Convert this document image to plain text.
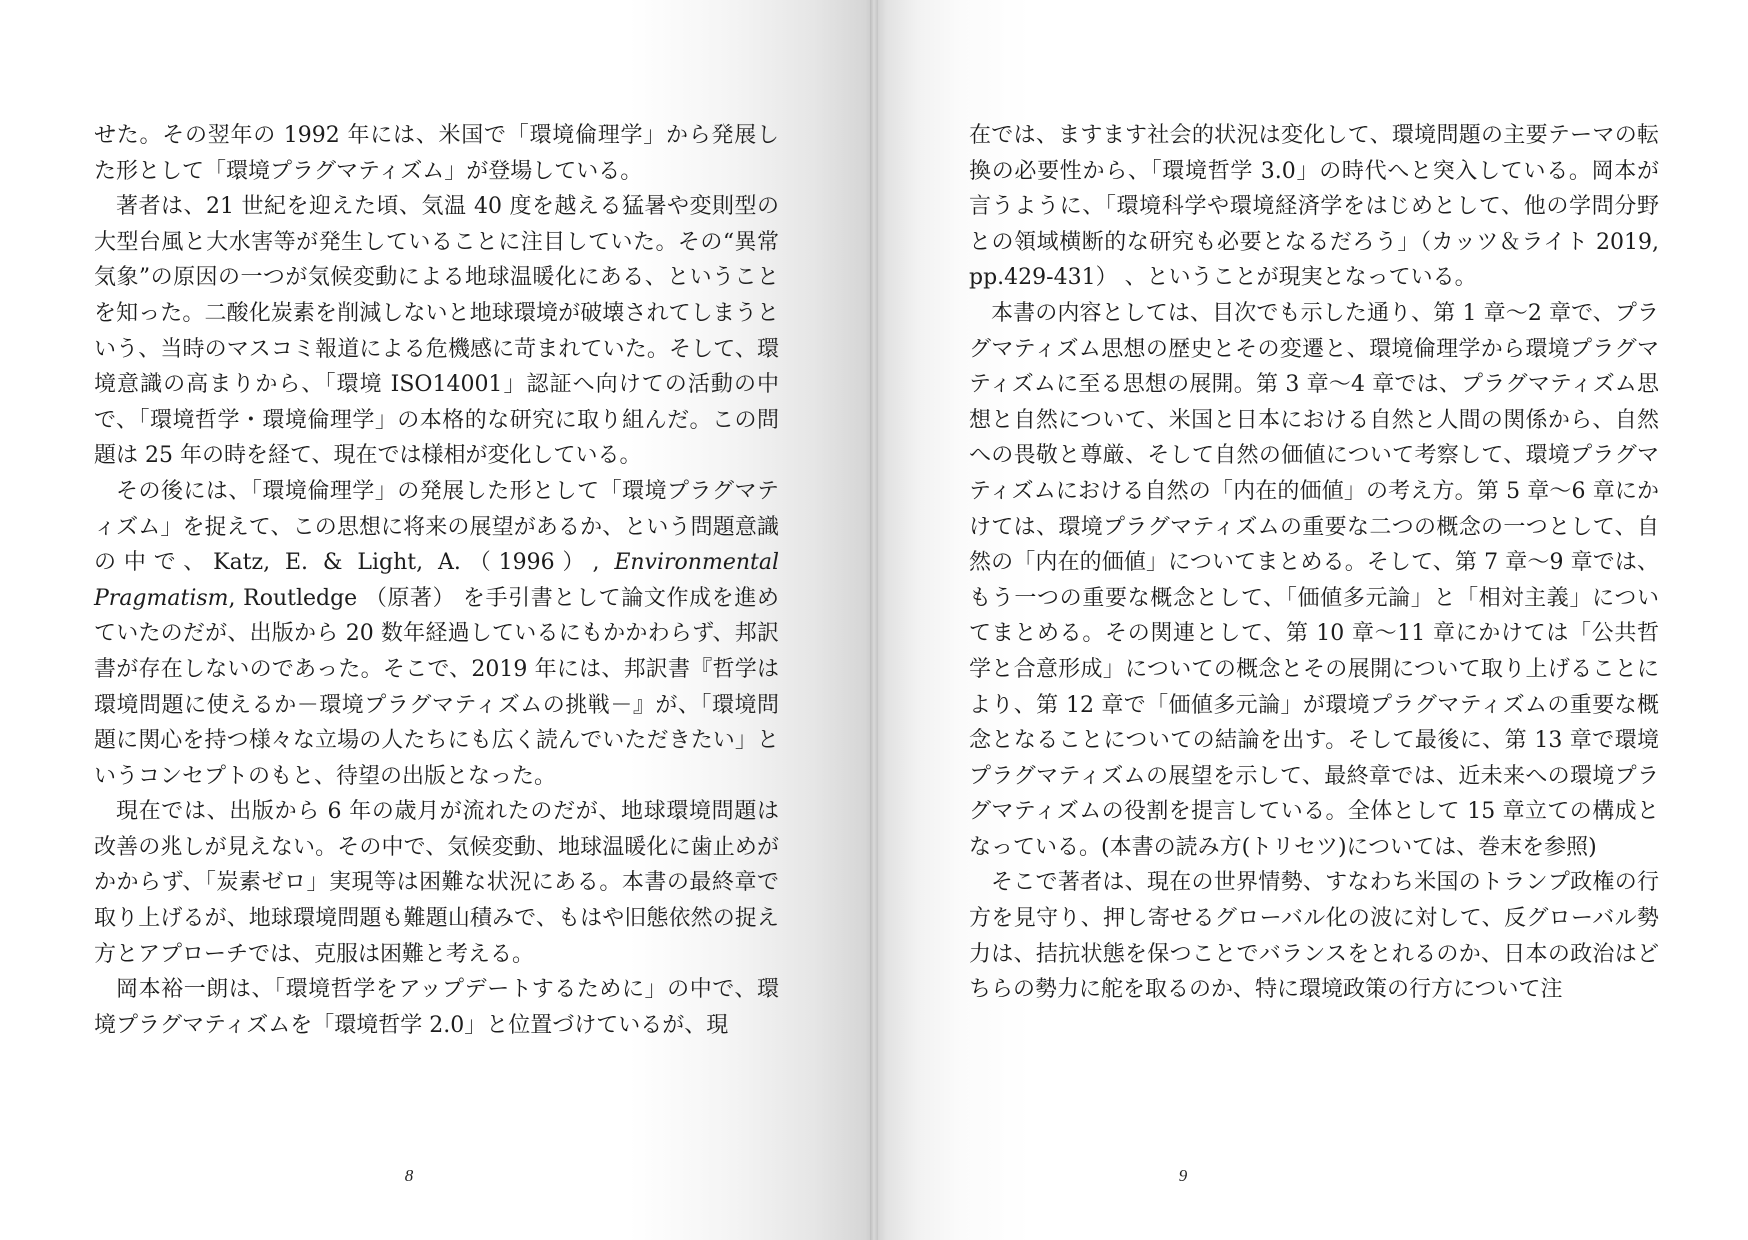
せた。その翌年の 1992 年には、米国で「環境倫理学」から発展した形として「環境プラグマティズム」が登場している。

著者は、21 世紀を迎えた頃、気温 40 度を越える猛暑や変則型の大型台風と大水害等が発生していることに注目していた。その“異常気象”の原因の一つが気候変動による地球温暖化にある、ということを知った。二酸化炭素を削減しないと地球環境が破壊されてしまうという、当時のマスコミ報道による危機感に苛まれていた。そして、環境意識の高まりから、「環境 ISO14001」認証へ向けての活動の中で、「環境哲学・環境倫理学」の本格的な研究に取り組んだ。この問題は 25 年の時を経て、現在では様相が変化している。

その後には、「環境倫理学」の発展した形として「環境プラグマティズム」を捉えて、この思想に将来の展望があるか、という問題意識の中で、Katz, E. & Light, A.（1996）, Environmental Pragmatism, Routledge （原著） を手引書として論文作成を進めていたのだが、出版から 20 数年経過しているにもかかわらず、邦訳書が存在しないのであった。そこで、2019 年には、邦訳書『哲学は環境問題に使えるか－環境プラグマティズムの挑戦－』が、「環境問題に関心を持つ様々な立場の人たちにも広く読んでいただきたい」というコンセプトのもと、待望の出版となった。

現在では、出版から 6 年の歳月が流れたのだが、地球環境問題は改善の兆しが見えない。その中で、気候変動、地球温暖化に歯止めがかからず、「炭素ゼロ」実現等は困難な状況にある。本書の最終章で取り上げるが、地球環境問題も難題山積みで、もはや旧態依然の捉え方とアプローチでは、克服は困難と考える。

岡本裕一朗は、「環境哲学をアップデートするために」の中で、環境プラグマティズムを「環境哲学 2.0」と位置づけているが、現

8

在では、ますます社会的状況は変化して、環境問題の主要テーマの転換の必要性から、「環境哲学 3.0」の時代へと突入している。岡本が言うように、「環境科学や環境経済学をはじめとして、他の学問分野との領域横断的な研究も必要となるだろう」（カッツ＆ライト 2019, pp.429-431） 、ということが現実となっている。

本書の内容としては、目次でも示した通り、第 1 章～2 章で、プラグマティズム思想の歴史とその変遷と、環境倫理学から環境プラグマティズムに至る思想の展開。第 3 章～4 章では、プラグマティズム思想と自然について、米国と日本における自然と人間の関係から、自然への畏敬と尊厳、そして自然の価値について考察して、環境プラグマティズムにおける自然の「内在的価値」の考え方。第 5 章～6 章にかけては、環境プラグマティズムの重要な二つの概念の一つとして、自然の「内在的価値」についてまとめる。そして、第 7 章～9 章では、もう一つの重要な概念として、「価値多元論」と「相対主義」についてまとめる。その関連として、第 10 章～11 章にかけては「公共哲学と合意形成」についての概念とその展開について取り上げることにより、第 12 章で「価値多元論」が環境プラグマティズムの重要な概念となることについての結論を出す。そして最後に、第 13 章で環境プラグマティズムの展望を示して、最終章では、近未来への環境プラグマティズムの役割を提言している。全体として 15 章立ての構成となっている。(本書の読み方(トリセツ)については、巻末を参照)

そこで著者は、現在の世界情勢、すなわち米国のトランプ政権の行方を見守り、押し寄せるグローバル化の波に対して、反グローバル勢力は、拮抗状態を保つことでバランスをとれるのか、日本の政治はどちらの勢力に舵を取るのか、特に環境政策の行方について注

9
